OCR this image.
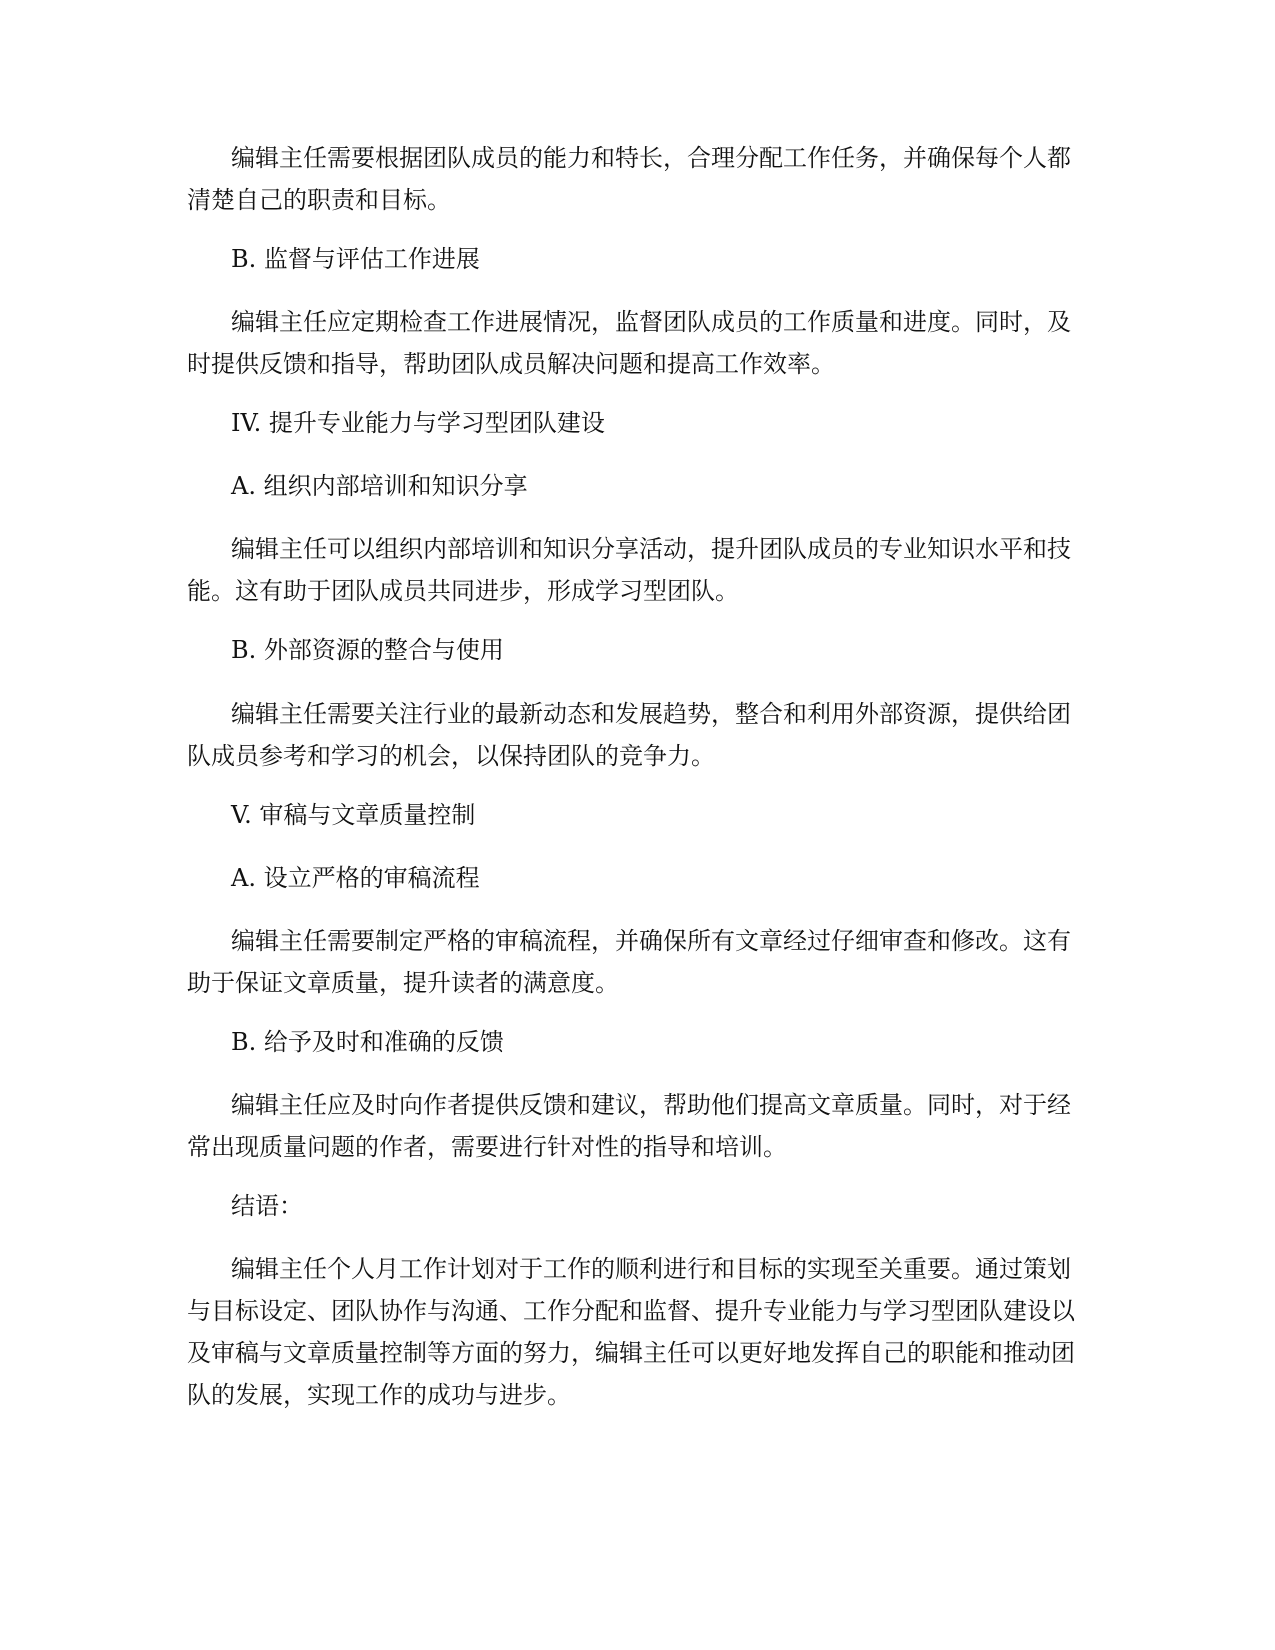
编辑主任需要根据团队成员的能力和特长，合理分配工作任务，并确保每个人都清楚自己的职责和目标。

B. 监督与评估工作进展

编辑主任应定期检查工作进展情况，监督团队成员的工作质量和进度。同时，及时提供反馈和指导，帮助团队成员解决问题和提高工作效率。

IV. 提升专业能力与学习型团队建设

A. 组织内部培训和知识分享

编辑主任可以组织内部培训和知识分享活动，提升团队成员的专业知识水平和技能。这有助于团队成员共同进步，形成学习型团队。

B. 外部资源的整合与使用

编辑主任需要关注行业的最新动态和发展趋势，整合和利用外部资源，提供给团队成员参考和学习的机会，以保持团队的竞争力。

V. 审稿与文章质量控制

A. 设立严格的审稿流程

编辑主任需要制定严格的审稿流程，并确保所有文章经过仔细审查和修改。这有助于保证文章质量，提升读者的满意度。

B. 给予及时和准确的反馈

编辑主任应及时向作者提供反馈和建议，帮助他们提高文章质量。同时，对于经常出现质量问题的作者，需要进行针对性的指导和培训。

结语：

编辑主任个人月工作计划对于工作的顺利进行和目标的实现至关重要。通过策划与目标设定、团队协作与沟通、工作分配和监督、提升专业能力与学习型团队建设以及审稿与文章质量控制等方面的努力，编辑主任可以更好地发挥自己的职能和推动团队的发展，实现工作的成功与进步。
